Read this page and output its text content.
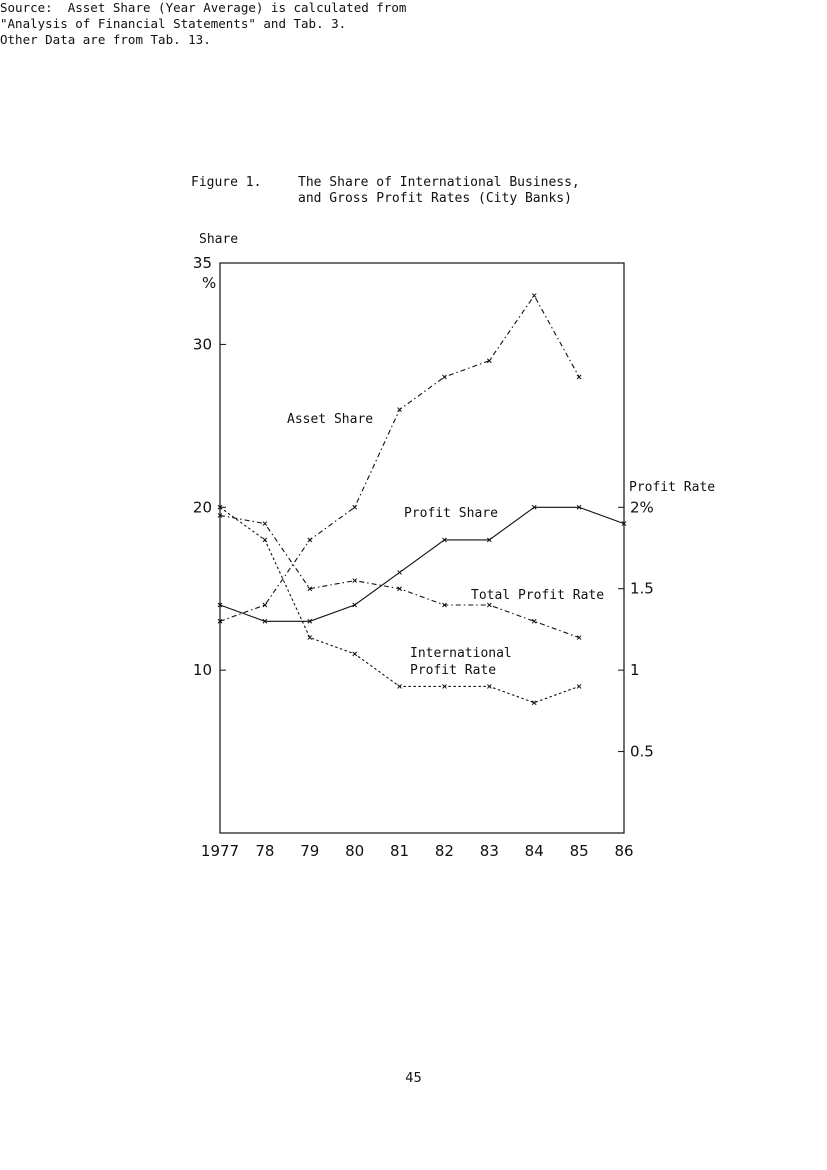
Figure 1.	The Share of International Business,
and Gross Profit Rates (City Banks)
Share
%
Profit Rate
35
30
20
10
2%
1.5
1
0.5
1977 78 79 80 81 82 83 84 85 86
Asset Share
Profit Share
Total Profit Rate
International
Profit Rate
Source:  Asset Share (Year Average) is calculated from
"Analysis of Financial Statements" and Tab. 3.
Other Data are from Tab. 13.
45
